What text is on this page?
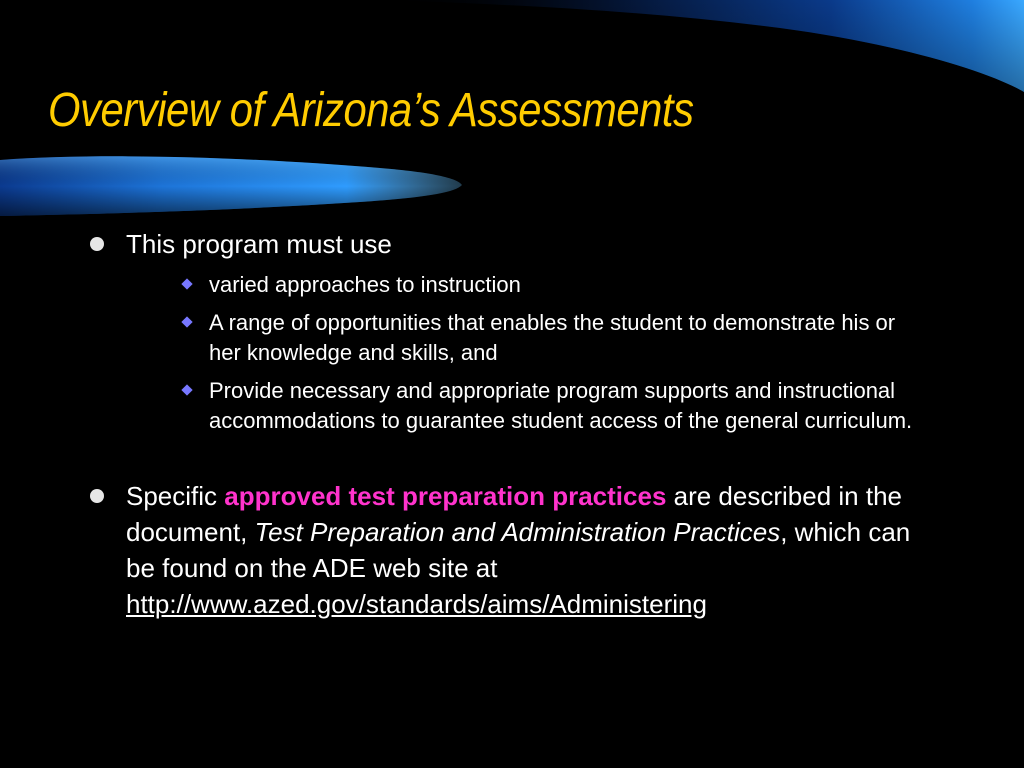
Overview of Arizona’s Assessments
This program must use
varied approaches to instruction
A range of opportunities that enables the student to demonstrate his or her knowledge and skills, and
Provide necessary and appropriate program supports and instructional accommodations to guarantee student access of the general curriculum.
Specific approved test preparation practices are described in the document, Test Preparation and Administration Practices, which can be found on the ADE web site at
http://www.azed.gov/standards/aims/Administering
